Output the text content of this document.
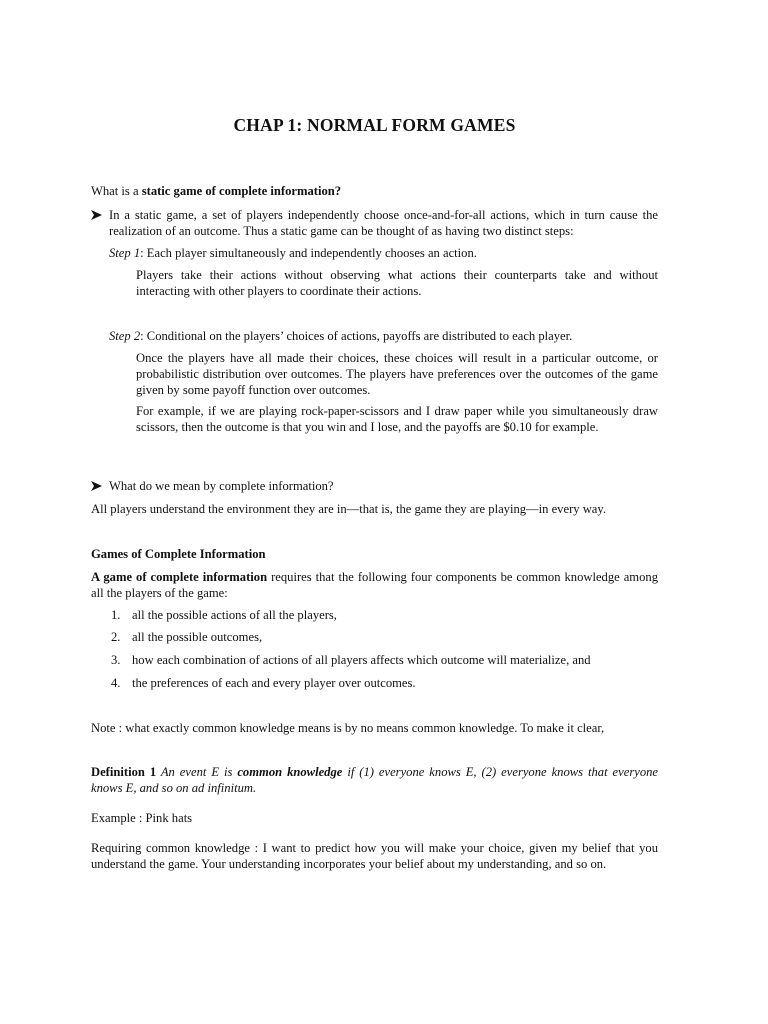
CHAP 1: NORMAL FORM GAMES

What is a static game of complete information?

In a static game, a set of players independently choose once-and-for-all actions, which in turn cause the realization of an outcome. Thus a static game can be thought of as having two distinct steps:

Step 1: Each player simultaneously and independently chooses an action.

Players take their actions without observing what actions their counterparts take and without interacting with other players to coordinate their actions.

Step 2: Conditional on the players’ choices of actions, payoffs are distributed to each player.

Once the players have all made their choices, these choices will result in a particular outcome, or probabilistic distribution over outcomes. The players have preferences over the outcomes of the game given by some payoff function over outcomes.

For example, if we are playing rock-paper-scissors and I draw paper while you simultaneously draw scissors, then the outcome is that you win and I lose, and the payoffs are $0.10 for example.

What do we mean by complete information?

All players understand the environment they are in—that is, the game they are playing—in every way.

Games of Complete Information

A game of complete information requires that the following four components be common knowledge among all the players of the game:

1. all the possible actions of all the players,
2. all the possible outcomes,
3. how each combination of actions of all players affects which outcome will materialize, and
4. the preferences of each and every player over outcomes.

Note : what exactly common knowledge means is by no means common knowledge. To make it clear,

Definition 1 An event E is common knowledge if (1) everyone knows E, (2) everyone knows that everyone knows E, and so on ad infinitum.

Example : Pink hats

Requiring common knowledge : I want to predict how you will make your choice, given my belief that you understand the game. Your understanding incorporates your belief about my understanding, and so on.
